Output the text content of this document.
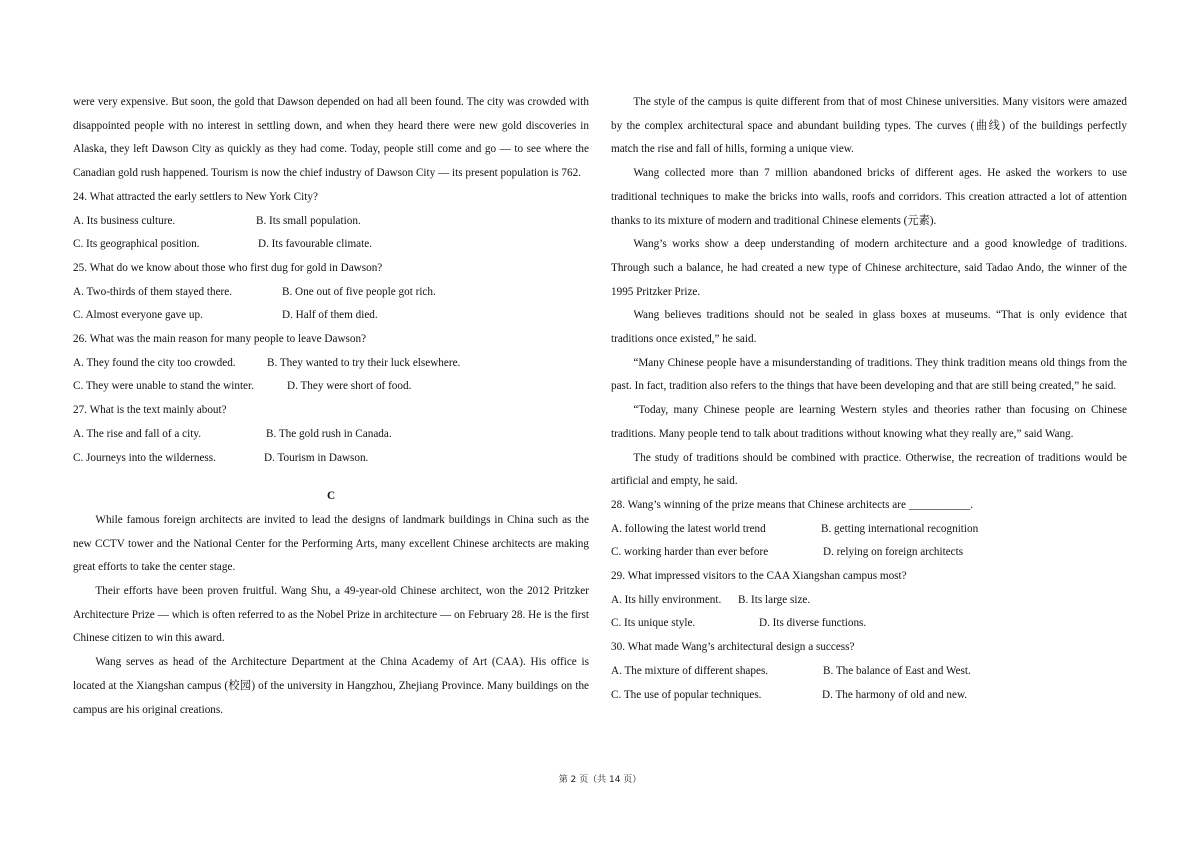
were very expensive. But soon, the gold that Dawson depended on had all been found. The city was crowded with disappointed people with no interest in settling down, and when they heard there were new gold discoveries in Alaska, they left Dawson City as quickly as they had come. Today, people still come and go — to see where the Canadian gold rush happened. Tourism is now the chief industry of Dawson City — its present population is 762.

24. What attracted the early settlers to New York City?

A. Its business culture.	B. Its small population.
C. Its geographical position.	D. Its favourable climate.

25. What do we know about those who first dug for gold in Dawson?

A. Two-thirds of them stayed there.	B. One out of five people got rich.
C. Almost everyone gave up.	D. Half of them died.

26. What was the main reason for many people to leave Dawson?

A. They found the city too crowded.	B. They wanted to try their luck elsewhere.
C. They were unable to stand the winter.	D. They were short of food.

27. What is the text mainly about?

A. The rise and fall of a city.	B. The gold rush in Canada.
C. Journeys into the wilderness.	D. Tourism in Dawson.

C

While famous foreign architects are invited to lead the designs of landmark buildings in China such as the new CCTV tower and the National Center for the Performing Arts, many excellent Chinese architects are making great efforts to take the center stage.

Their efforts have been proven fruitful. Wang Shu, a 49-year-old Chinese architect, won the 2012 Pritzker Architecture Prize — which is often referred to as the Nobel Prize in architecture — on February 28. He is the first Chinese citizen to win this award.

Wang serves as head of the Architecture Department at the China Academy of Art (CAA). His office is located at the Xiangshan campus (校园) of the university in Hangzhou, Zhejiang Province. Many buildings on the campus are his original creations.

The style of the campus is quite different from that of most Chinese universities. Many visitors were amazed by the complex architectural space and abundant building types. The curves (曲线) of the buildings perfectly match the rise and fall of hills, forming a unique view.

Wang collected more than 7 million abandoned bricks of different ages. He asked the workers to use traditional techniques to make the bricks into walls, roofs and corridors. This creation attracted a lot of attention thanks to its mixture of modern and traditional Chinese elements (元素).

Wang’s works show a deep understanding of modern architecture and a good knowledge of traditions. Through such a balance, he had created a new type of Chinese architecture, said Tadao Ando, the winner of the 1995 Pritzker Prize.

Wang believes traditions should not be sealed in glass boxes at museums. “That is only evidence that traditions once existed,” he said.

“Many Chinese people have a misunderstanding of traditions. They think tradition means old things from the past. In fact, tradition also refers to the things that have been developing and that are still being created,” he said.

“Today, many Chinese people are learning Western styles and theories rather than focusing on Chinese traditions. Many people tend to talk about traditions without knowing what they really are,” said Wang.

The study of traditions should be combined with practice. Otherwise, the recreation of traditions would be artificial and empty, he said.

28. Wang’s winning of the prize means that Chinese architects are ___________.

A. following the latest world trend	B. getting international recognition
C. working harder than ever before	D. relying on foreign architects

29. What impressed visitors to the CAA Xiangshan campus most?

A. Its hilly environment.	B. Its large size.
C. Its unique style.	D. Its diverse functions.

30. What made Wang’s architectural design a success?

A. The mixture of different shapes.	B. The balance of East and West.
C. The use of popular techniques.	D. The harmony of old and new.
第 2 页（共 14 页）
